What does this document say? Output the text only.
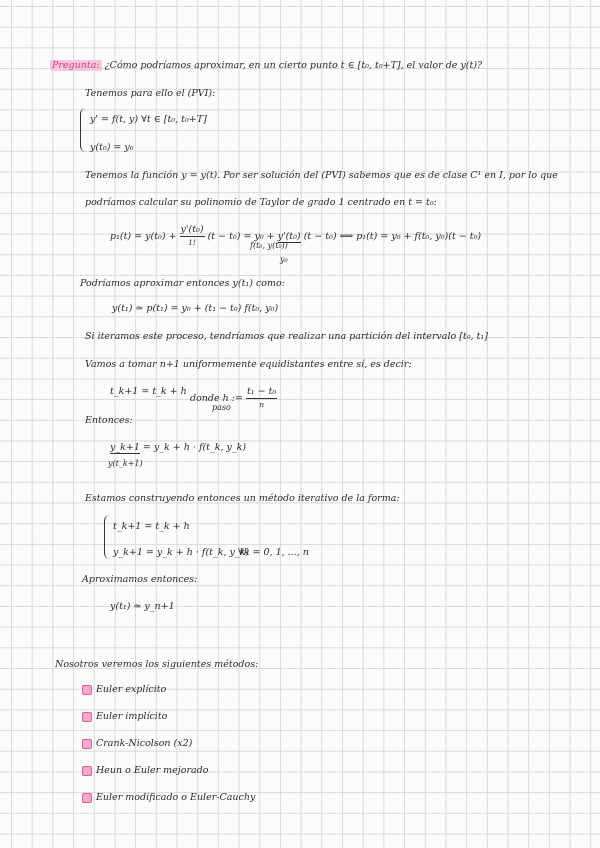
Pregunta: ¿Cómo podríamos aproximar, en un cierto punto t ∈ [t₀, t₀+T], el valor de y(t)?
Tenemos para ello el (PVI):
y' = f(t, y) ∀t ∈ [t₀, t₀+T]
y(t₀) = y₀
Tenemos la función y = y(t). Por ser solución del (PVI) sabemos que es de clase C¹ en I, por lo que
podríamos calcular su polinomio de Taylor de grado 1 centrado en t = t₀:
$p_1(t) = y(t_0) + \frac{\text{y'(t₀)}}{1!} (t - t_0) = y_0 + y'(t_0) (t - t_0)$ ⟺ p₁(t) = y₀ + f(t₀, y₀)(t − t₀)
f(t₀, y(t₀))
y₀
Podríamos aproximar entonces y(t₁) como:
y(t₁) ≃ p(t₁) = y₀ + (t₁ − t₀) f(t₀, y₀)
Si iteramos este proceso, tendríamos que realizar una partición del intervalo [t₀, t₁]
Vamos a tomar n+1 uniformemente equidistantes entre sí, es decir:
t_k+1 = t_k + h
donde h := $\frac{\text{t₁ − t₀}}{n}$
paso
Entonces:
y_k+1 = y_k + h · f(t_k, y_k)
y(t_k+1)
Estamos construyendo entonces un método iterativo de la forma:
t_k+1 = t_k + h
y_k+1 = y_k + h · f(t_k, y_k)
∀k = 0, 1, ..., n
Aproximamos entonces:
y(t₁) ≃ y_n+1
Nosotros veremos los siguientes métodos:
Euler explícito
Euler implícito
Crank-Nicolson (x2)
Heun o Euler mejorado
Euler modificado o Euler-Cauchy
